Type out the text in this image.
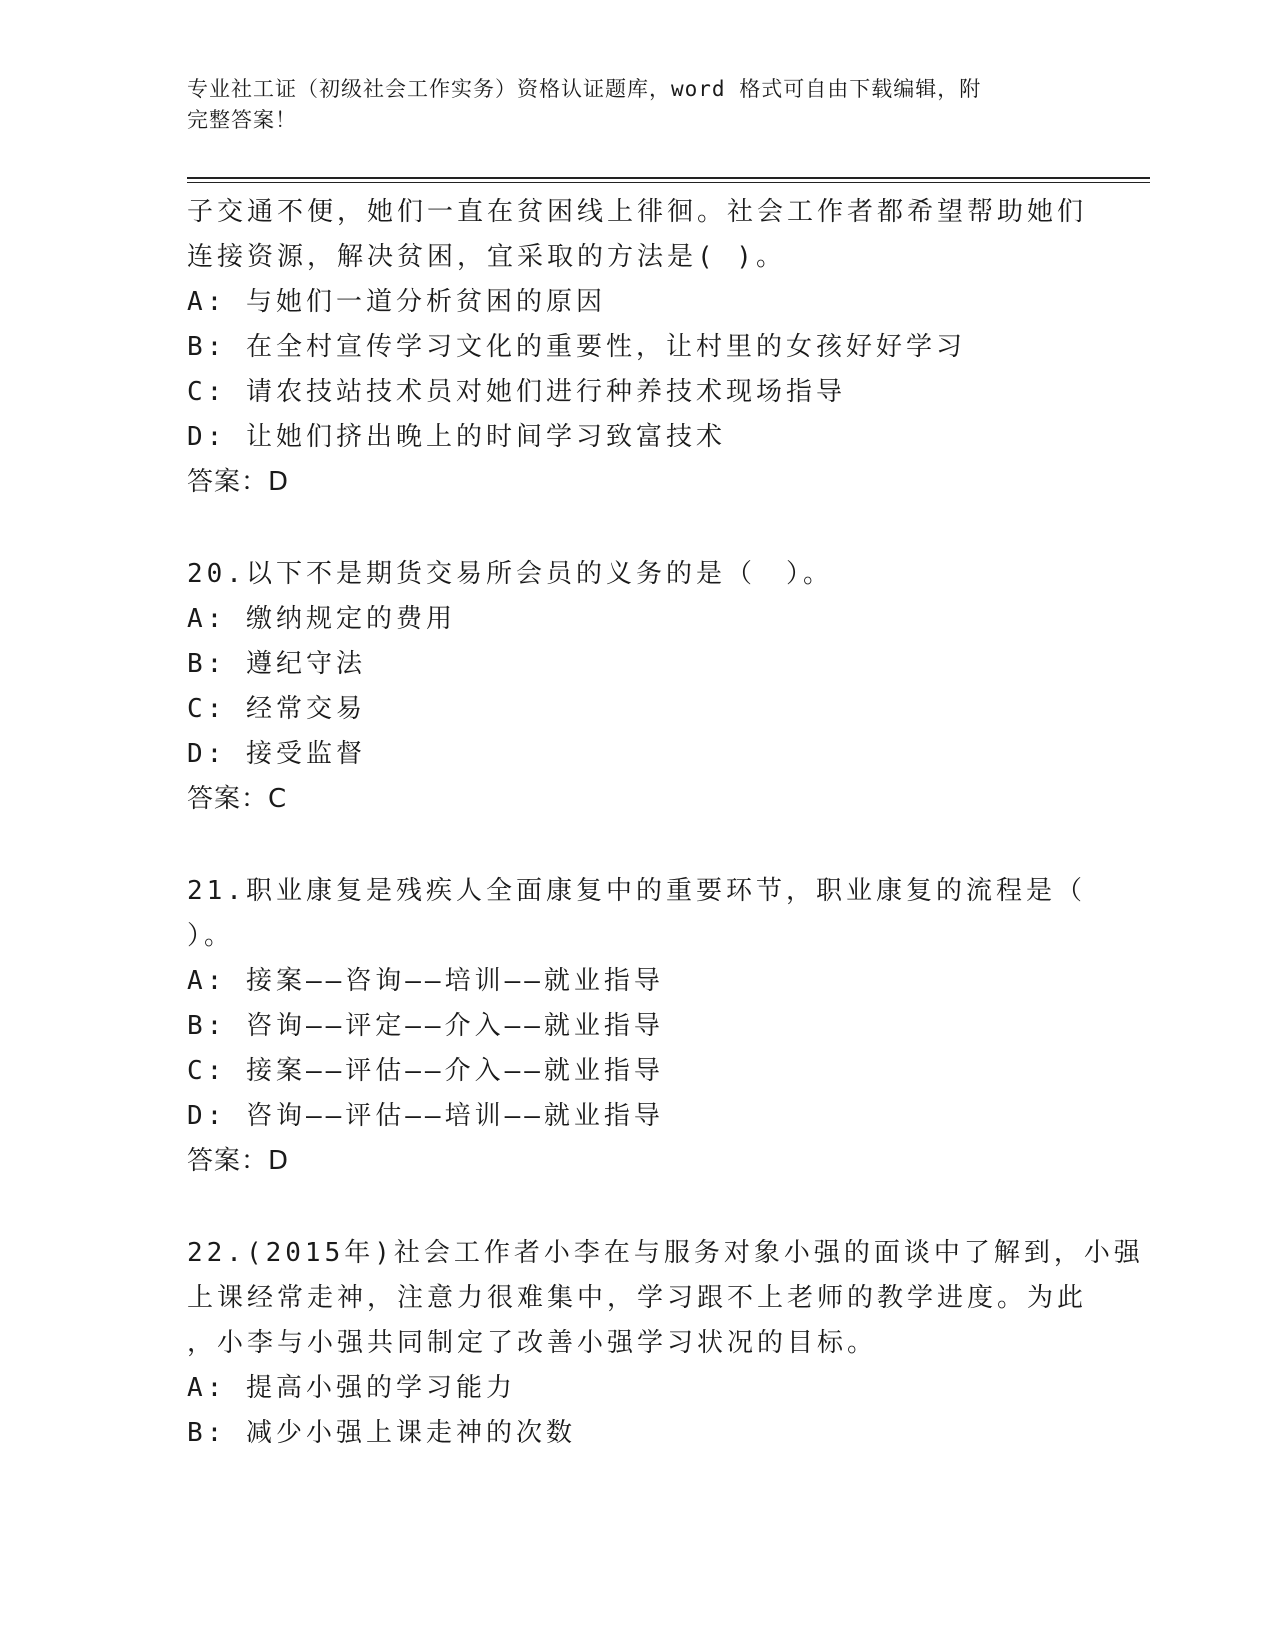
专业社工证（初级社会工作实务）资格认证题库，word 格式可自由下载编辑，附
完整答案！
子交通不便，她们一直在贫困线上徘徊。社会工作者都希望帮助她们
连接资源，解决贫困，宜采取的方法是( )。
A: 与她们一道分析贫困的原因
B: 在全村宣传学习文化的重要性，让村里的女孩好好学习
C: 请农技站技术员对她们进行种养技术现场指导
D: 让她们挤出晚上的时间学习致富技术
答案：D
20.以下不是期货交易所会员的义务的是（　）。
A: 缴纳规定的费用
B: 遵纪守法
C: 经常交易
D: 接受监督
答案：C
21.职业康复是残疾人全面康复中的重要环节，职业康复的流程是（
）。
A: 接案——咨询——培训——就业指导
B: 咨询——评定——介入——就业指导
C: 接案——评估——介入——就业指导
D: 咨询——评估——培训——就业指导
答案：D
22.(2015年)社会工作者小李在与服务对象小强的面谈中了解到，小强
上课经常走神，注意力很难集中，学习跟不上老师的教学进度。为此
，小李与小强共同制定了改善小强学习状况的目标。
A: 提高小强的学习能力
B: 减少小强上课走神的次数
